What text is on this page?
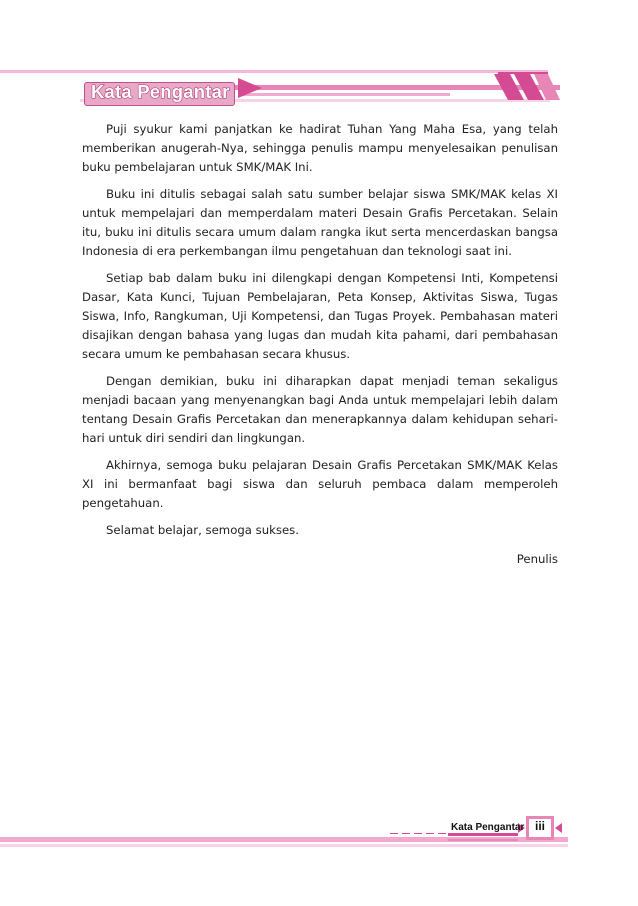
Kata Pengantar

Puji syukur kami panjatkan ke hadirat Tuhan Yang Maha Esa, yang telah memberikan anugerah-Nya, sehingga penulis mampu menyelesaikan penulisan buku pembelajaran untuk SMK/MAK Ini.

Buku ini ditulis sebagai salah satu sumber belajar siswa SMK/MAK kelas XI untuk mempelajari dan memperdalam materi Desain Grafis Percetakan. Selain itu, buku ini ditulis secara umum dalam rangka ikut serta mencerdaskan bangsa Indonesia di era perkembangan ilmu pengetahuan dan teknologi saat ini.

Setiap bab dalam buku ini dilengkapi dengan Kompetensi Inti, Kompetensi Dasar, Kata Kunci, Tujuan Pembelajaran, Peta Konsep, Aktivitas Siswa, Tugas Siswa, Info, Rangkuman, Uji Kompetensi, dan Tugas Proyek. Pembahasan materi disajikan dengan bahasa yang lugas dan mudah kita pahami, dari pembahasan secara umum ke pembahasan secara khusus.

Dengan demikian, buku ini diharapkan dapat menjadi teman sekaligus menjadi bacaan yang menyenangkan bagi Anda untuk mempelajari lebih dalam tentang Desain Grafis Percetakan dan menerapkannya dalam kehidupan sehari-hari untuk diri sendiri dan lingkungan.

Akhirnya, semoga buku pelajaran Desain Grafis Percetakan SMK/MAK Kelas XI ini bermanfaat bagi siswa dan seluruh pembaca dalam memperoleh pengetahuan.

Selamat belajar, semoga sukses.

Penulis

Kata Pengantar iii
